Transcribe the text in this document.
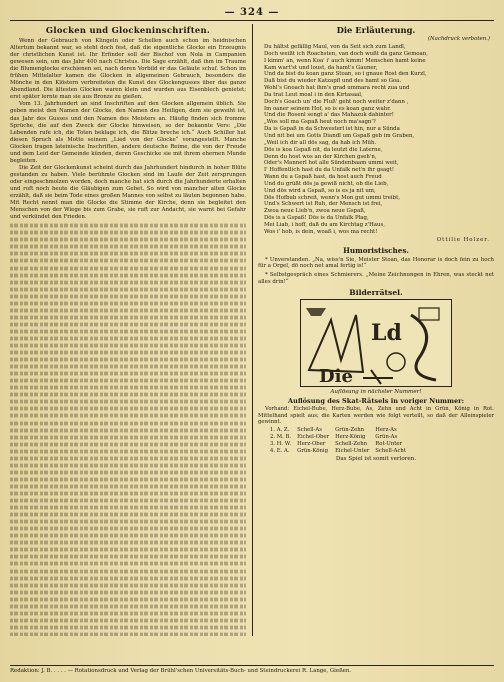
— 324 —
Glocken und Glockeninschriften.

Wenn der Gebrauch von Klingeln oder Schellen auch schon im heidnischen Altertum bekannt war, so steht doch fest, daß die eigentliche Glocke ein Erzeugnis der christlichen Kunst ist. Ihr Erfinder soll der Bischof von Nola in Campanien gewesen sein, um das Jahr 400 nach Christus. Die Sage erzählt, daß ihm im Traume die Blumenglocke erschienen sei, nach deren Vorbild er das Geläute schuf. Schon im frühen Mittelalter kamen die Glocken in allgemeinen Gebrauch, besonders die Mönche in den Klöstern verbreiteten die Kunst des Glockengusses über das ganze Abendland. Die ältesten Glocken waren klein und wurden aus Eisenblech genietet; erst später lernte man sie aus Bronze zu gießen.

Vom 13. Jahrhundert an sind Inschriften auf den Glocken allgemein üblich. Sie geben meist den Namen der Glocke, den Namen des Heiligen, dem sie geweiht ist, das Jahr des Gusses und den Namen des Meisters an. Häufig finden sich fromme Sprüche, die auf den Zweck der Glocke hinweisen, so der bekannte Vers: „Die Lebenden rufe ich, die Toten beklage ich, die Blitze breche ich.“ Auch Schiller hat diesen Spruch als Motto seinem „Lied von der Glocke“ vorangestellt. Manche Glocken tragen lateinische Inschriften, andere deutsche Reime, die von der Freude und dem Leid der Gemeinde künden, deren Geschicke sie mit ihrem ehernen Munde begleiten.

Die Zeit der Glockenkunst scheint durch das Jahrhundert hindurch in hoher Blüte gestanden zu haben. Viele berühmte Glocken sind im Laufe der Zeit zersprungen oder eingeschmolzen worden, doch manche hat sich durch die Jahrhunderte erhalten und ruft noch heute die Gläubigen zum Gebet. So wird von mancher alten Glocke erzählt, daß sie beim Tode eines großen Mannes von selbst zu läuten begonnen habe. Mit Recht nennt man die Glocke die Stimme der Kirche, denn sie begleitet den Menschen von der Wiege bis zum Grabe, sie ruft zur Andacht, sie warnt bei Gefahr und verkündet den Frieden.

Die Erläuterung.
(Nachdruck verboten.)
Du hältst gefällig Maul, von da Seit sich zum Landl,
Doch weißt ich Roachsten, van doch wußt da ganz Gemoan,
I kimm' an, wenn Koa' i' auch kimm! Menschen hamt keine
Kam wart'st und loust, da hamt's Gauner,
Und da bist du koan ganz Stoan, so i gnaue Rost den Kurzl,
Daß bist du wieder Katzapfl und des hamt so Goa.
Wohl's Gnoach hat ihm's grad ummara recht zua und
Da trat Leut moal i in den Kirtasaal,
Doch's Goach un' die Fluß' geht noch weiter z'dann ,
Im oaner seinem Hof, so is es koan ganz wahr.
Und die Rosenl sengt a' das Mahazuk dahinter!
„Wos soll ma Gspaß heut noch ma'sagn'?
Da is Gspaß in da Schwesterl ist hin, nur a Sünda
Und nit bei um Gotts Diandl um Gspaß geb im Graben,
„Weil ich dir all dös sag, da hab ich Müh.
Dös is koa Gspaß nit, da leutzt die Laterne,
Denn du host wos an der Kirchen gseh'n,
Oder's Mannerl hot alle Sündenbaam ummi weit,
I' Hoffentlich hast du da Unfalk net'n ihr gsagt!
Wann du a Gspaß hast, da host auch Freud
Und du grüßt dös ja gewiß nicht, ob die Lieb,
Und dös wird a Gspaß, so is es ja nit um,
Dös Hofbub schreit, wenn's Mon gut ummi treibt,
Und's Schwert ist Ruh, der Mensch ist frei,
Zwoa neue Lieb'n, zwoa neue Gspaß,
Dös is a Gspaß! Dös is da Unfalk Plag,
Mei Liab, i hoff, daß du am Kirchtag z'Haus,
Wos i' hob, is dein, woaß i, wos ma recht!
Ottilie Holzer.
Humoristisches.

* Unverstanden. „Na, wiss'n Sie, Meister Stoan, das Honorar is doch fein zu hoch für a Orgel, dö noch net amal fertig is!“

* Selbstgespräch eines Schmierers. „Meine Zeichnungen in Ehren, was steckt net alles drin!“

Bilderrätsel.
Ld
Die
Auflösung in nächster Nummer!
Auflösung des Skat-Rätsels in voriger Nummer:

Vorhand: Eichel-Bube, Herz-Bube, As, Zehn und Acht in Grün, König in Rot. Mittelhand spielt aus; die Karten werden wie folgt verteilt, so daß der Alleinspieler gewinnt.

1. A. Z.	Schell-As	Grün-Zehn	Herz-As
2. M. B.	Eichel-Ober	Herz-König	Grün-As
3. H. W.	Herz-Ober	Schell-Zehn	Rot-Unter
4. E. A.	Grün-König	Eichel-Unter	Schell-Acht
Das Spiel ist somit verloren.
Redaktion: J. B. . . . . — Rotationsdruck und Verlag der Brühl'schen Universitäts-Buch- und Steindruckerei R. Lange, Gießen.
